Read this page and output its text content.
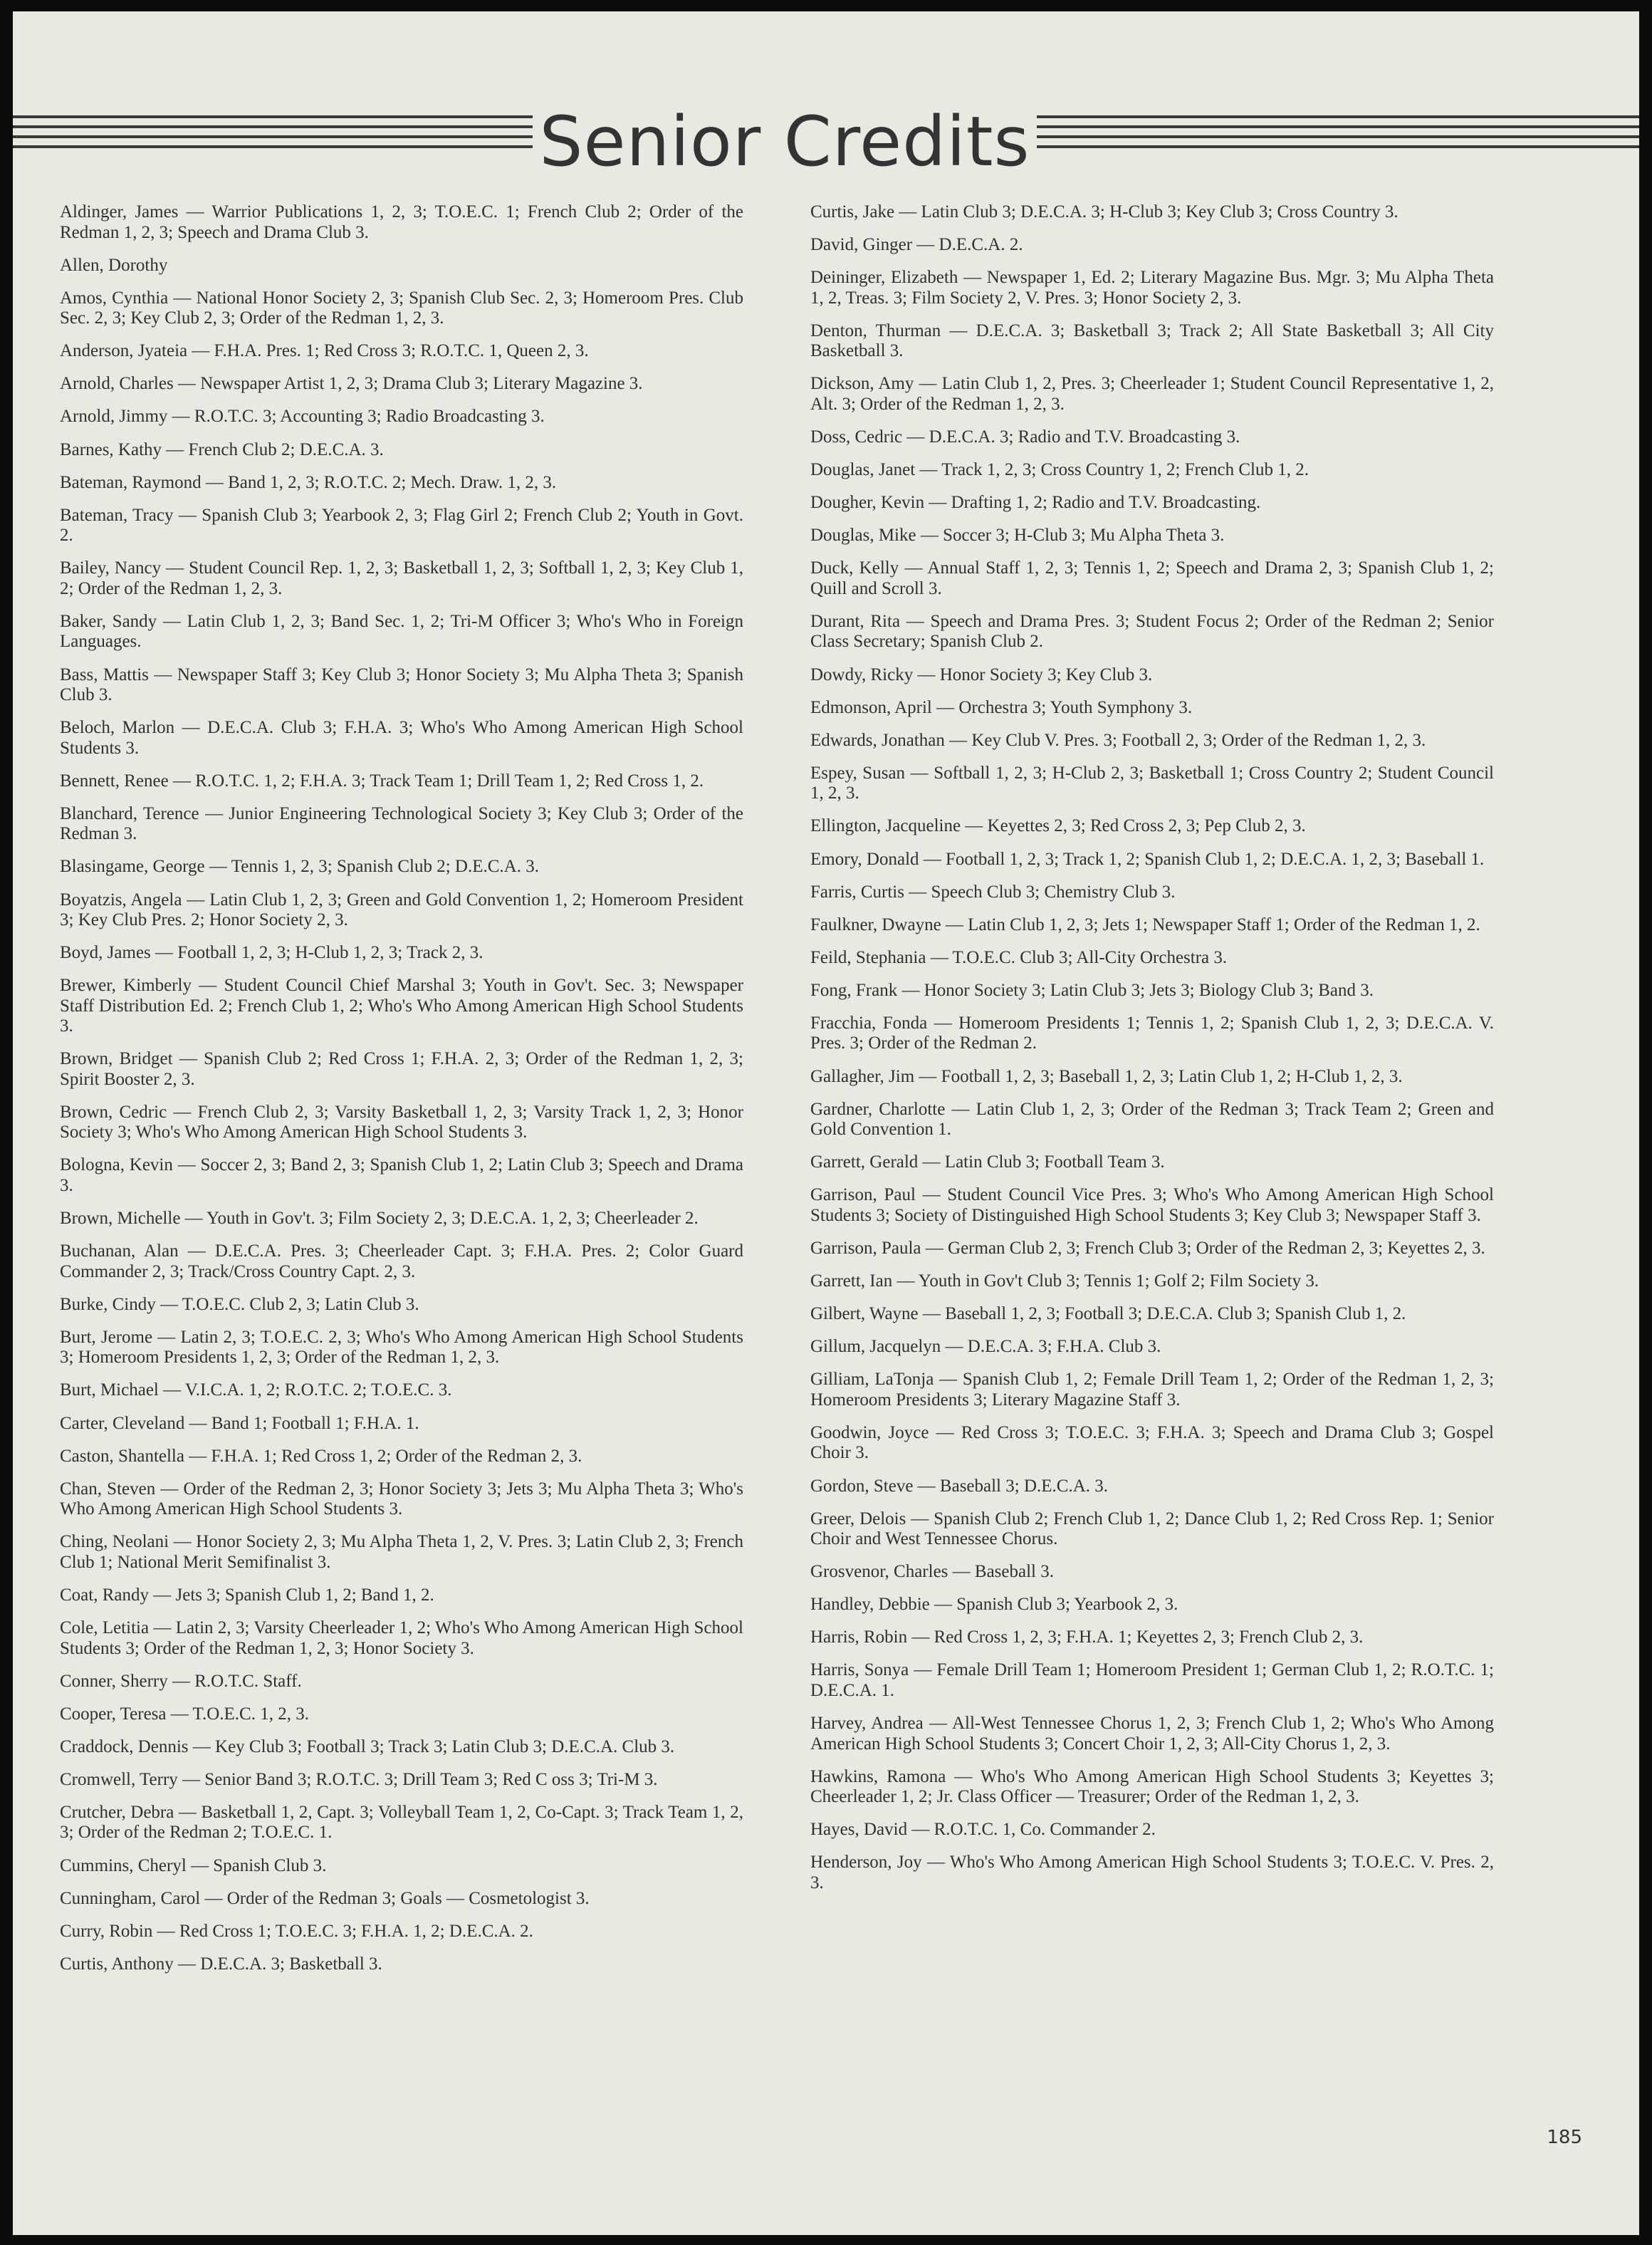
Senior Credits

Aldinger, James — Warrior Publications 1, 2, 3; T.O.E.C. 1; French Club 2; Order of the Redman 1, 2, 3; Speech and Drama Club 3.

Allen, Dorothy

Amos, Cynthia — National Honor Society 2, 3; Spanish Club Sec. 2, 3; Homeroom Pres. Club Sec. 2, 3; Key Club 2, 3; Order of the Redman 1, 2, 3.

Anderson, Jyateia — F.H.A. Pres. 1; Red Cross 3; R.O.T.C. 1, Queen 2, 3.

Arnold, Charles — Newspaper Artist 1, 2, 3; Drama Club 3; Literary Magazine 3.

Arnold, Jimmy — R.O.T.C. 3; Accounting 3; Radio Broadcasting 3.

Barnes, Kathy — French Club 2; D.E.C.A. 3.

Bateman, Raymond — Band 1, 2, 3; R.O.T.C. 2; Mech. Draw. 1, 2, 3.

Bateman, Tracy — Spanish Club 3; Yearbook 2, 3; Flag Girl 2; French Club 2; Youth in Govt. 2.

Bailey, Nancy — Student Council Rep. 1, 2, 3; Basketball 1, 2, 3; Softball 1, 2, 3; Key Club 1, 2; Order of the Redman 1, 2, 3.

Baker, Sandy — Latin Club 1, 2, 3; Band Sec. 1, 2; Tri-M Officer 3; Who's Who in Foreign Languages.

Bass, Mattis — Newspaper Staff 3; Key Club 3; Honor Society 3; Mu Alpha Theta 3; Spanish Club 3.

Beloch, Marlon — D.E.C.A. Club 3; F.H.A. 3; Who's Who Among American High School Students 3.

Bennett, Renee — R.O.T.C. 1, 2; F.H.A. 3; Track Team 1; Drill Team 1, 2; Red Cross 1, 2.

Blanchard, Terence — Junior Engineering Technological Society 3; Key Club 3; Order of the Redman 3.

Blasingame, George — Tennis 1, 2, 3; Spanish Club 2; D.E.C.A. 3.

Boyatzis, Angela — Latin Club 1, 2, 3; Green and Gold Convention 1, 2; Homeroom President 3; Key Club Pres. 2; Honor Society 2, 3.

Boyd, James — Football 1, 2, 3; H-Club 1, 2, 3; Track 2, 3.

Brewer, Kimberly — Student Council Chief Marshal 3; Youth in Gov't. Sec. 3; Newspaper Staff Distribution Ed. 2; French Club 1, 2; Who's Who Among American High School Students 3.

Brown, Bridget — Spanish Club 2; Red Cross 1; F.H.A. 2, 3; Order of the Redman 1, 2, 3; Spirit Booster 2, 3.

Brown, Cedric — French Club 2, 3; Varsity Basketball 1, 2, 3; Varsity Track 1, 2, 3; Honor Society 3; Who's Who Among American High School Students 3.

Bologna, Kevin — Soccer 2, 3; Band 2, 3; Spanish Club 1, 2; Latin Club 3; Speech and Drama 3.

Brown, Michelle — Youth in Gov't. 3; Film Society 2, 3; D.E.C.A. 1, 2, 3; Cheerleader 2.

Buchanan, Alan — D.E.C.A. Pres. 3; Cheerleader Capt. 3; F.H.A. Pres. 2; Color Guard Commander 2, 3; Track/Cross Country Capt. 2, 3.

Burke, Cindy — T.O.E.C. Club 2, 3; Latin Club 3.

Burt, Jerome — Latin 2, 3; T.O.E.C. 2, 3; Who's Who Among American High School Students 3; Homeroom Presidents 1, 2, 3; Order of the Redman 1, 2, 3.

Burt, Michael — V.I.C.A. 1, 2; R.O.T.C. 2; T.O.E.C. 3.

Carter, Cleveland — Band 1; Football 1; F.H.A. 1.

Caston, Shantella — F.H.A. 1; Red Cross 1, 2; Order of the Redman 2, 3.

Chan, Steven — Order of the Redman 2, 3; Honor Society 3; Jets 3; Mu Alpha Theta 3; Who's Who Among American High School Students 3.

Ching, Neolani — Honor Society 2, 3; Mu Alpha Theta 1, 2, V. Pres. 3; Latin Club 2, 3; French Club 1; National Merit Semifinalist 3.

Coat, Randy — Jets 3; Spanish Club 1, 2; Band 1, 2.

Cole, Letitia — Latin 2, 3; Varsity Cheerleader 1, 2; Who's Who Among American High School Students 3; Order of the Redman 1, 2, 3; Honor Society 3.

Conner, Sherry — R.O.T.C. Staff.

Cooper, Teresa — T.O.E.C. 1, 2, 3.

Craddock, Dennis — Key Club 3; Football 3; Track 3; Latin Club 3; D.E.C.A. Club 3.

Cromwell, Terry — Senior Band 3; R.O.T.C. 3; Drill Team 3; Red C oss 3; Tri-M 3.

Crutcher, Debra — Basketball 1, 2, Capt. 3; Volleyball Team 1, 2, Co-Capt. 3; Track Team 1, 2, 3; Order of the Redman 2; T.O.E.C. 1.

Cummins, Cheryl — Spanish Club 3.

Cunningham, Carol — Order of the Redman 3; Goals — Cosmetologist 3.

Curry, Robin — Red Cross 1; T.O.E.C. 3; F.H.A. 1, 2; D.E.C.A. 2.

Curtis, Anthony — D.E.C.A. 3; Basketball 3.

Curtis, Jake — Latin Club 3; D.E.C.A. 3; H-Club 3; Key Club 3; Cross Country 3.

David, Ginger — D.E.C.A. 2.

Deininger, Elizabeth — Newspaper 1, Ed. 2; Literary Magazine Bus. Mgr. 3; Mu Alpha Theta 1, 2, Treas. 3; Film Society 2, V. Pres. 3; Honor Society 2, 3.

Denton, Thurman — D.E.C.A. 3; Basketball 3; Track 2; All State Basketball 3; All City Basketball 3.

Dickson, Amy — Latin Club 1, 2, Pres. 3; Cheerleader 1; Student Council Representative 1, 2, Alt. 3; Order of the Redman 1, 2, 3.

Doss, Cedric — D.E.C.A. 3; Radio and T.V. Broadcasting 3.

Douglas, Janet — Track 1, 2, 3; Cross Country 1, 2; French Club 1, 2.

Dougher, Kevin — Drafting 1, 2; Radio and T.V. Broadcasting.

Douglas, Mike — Soccer 3; H-Club 3; Mu Alpha Theta 3.

Duck, Kelly — Annual Staff 1, 2, 3; Tennis 1, 2; Speech and Drama 2, 3; Spanish Club 1, 2; Quill and Scroll 3.

Durant, Rita — Speech and Drama Pres. 3; Student Focus 2; Order of the Redman 2; Senior Class Secretary; Spanish Club 2.

Dowdy, Ricky — Honor Society 3; Key Club 3.

Edmonson, April — Orchestra 3; Youth Symphony 3.

Edwards, Jonathan — Key Club V. Pres. 3; Football 2, 3; Order of the Redman 1, 2, 3.

Espey, Susan — Softball 1, 2, 3; H-Club 2, 3; Basketball 1; Cross Country 2; Student Council 1, 2, 3.

Ellington, Jacqueline — Keyettes 2, 3; Red Cross 2, 3; Pep Club 2, 3.

Emory, Donald — Football 1, 2, 3; Track 1, 2; Spanish Club 1, 2; D.E.C.A. 1, 2, 3; Baseball 1.

Farris, Curtis — Speech Club 3; Chemistry Club 3.

Faulkner, Dwayne — Latin Club 1, 2, 3; Jets 1; Newspaper Staff 1; Order of the Redman 1, 2.

Feild, Stephania — T.O.E.C. Club 3; All-City Orchestra 3.

Fong, Frank — Honor Society 3; Latin Club 3; Jets 3; Biology Club 3; Band 3.

Fracchia, Fonda — Homeroom Presidents 1; Tennis 1, 2; Spanish Club 1, 2, 3; D.E.C.A. V. Pres. 3; Order of the Redman 2.

Gallagher, Jim — Football 1, 2, 3; Baseball 1, 2, 3; Latin Club 1, 2; H-Club 1, 2, 3.

Gardner, Charlotte — Latin Club 1, 2, 3; Order of the Redman 3; Track Team 2; Green and Gold Convention 1.

Garrett, Gerald — Latin Club 3; Football Team 3.

Garrison, Paul — Student Council Vice Pres. 3; Who's Who Among American High School Students 3; Society of Distinguished High School Students 3; Key Club 3; Newspaper Staff 3.

Garrison, Paula — German Club 2, 3; French Club 3; Order of the Redman 2, 3; Keyettes 2, 3.

Garrett, Ian — Youth in Gov't Club 3; Tennis 1; Golf 2; Film Society 3.

Gilbert, Wayne — Baseball 1, 2, 3; Football 3; D.E.C.A. Club 3; Spanish Club 1, 2.

Gillum, Jacquelyn — D.E.C.A. 3; F.H.A. Club 3.

Gilliam, LaTonja — Spanish Club 1, 2; Female Drill Team 1, 2; Order of the Redman 1, 2, 3; Homeroom Presidents 3; Literary Magazine Staff 3.

Goodwin, Joyce — Red Cross 3; T.O.E.C. 3; F.H.A. 3; Speech and Drama Club 3; Gospel Choir 3.

Gordon, Steve — Baseball 3; D.E.C.A. 3.

Greer, Delois — Spanish Club 2; French Club 1, 2; Dance Club 1, 2; Red Cross Rep. 1; Senior Choir and West Tennessee Chorus.

Grosvenor, Charles — Baseball 3.

Handley, Debbie — Spanish Club 3; Yearbook 2, 3.

Harris, Robin — Red Cross 1, 2, 3; F.H.A. 1; Keyettes 2, 3; French Club 2, 3.

Harris, Sonya — Female Drill Team 1; Homeroom President 1; German Club 1, 2; R.O.T.C. 1; D.E.C.A. 1.

Harvey, Andrea — All-West Tennessee Chorus 1, 2, 3; French Club 1, 2; Who's Who Among American High School Students 3; Concert Choir 1, 2, 3; All-City Chorus 1, 2, 3.

Hawkins, Ramona — Who's Who Among American High School Students 3; Keyettes 3; Cheerleader 1, 2; Jr. Class Officer — Treasurer; Order of the Redman 1, 2, 3.

Hayes, David — R.O.T.C. 1, Co. Commander 2.

Henderson, Joy — Who's Who Among American High School Students 3; T.O.E.C. V. Pres. 2, 3.

185
